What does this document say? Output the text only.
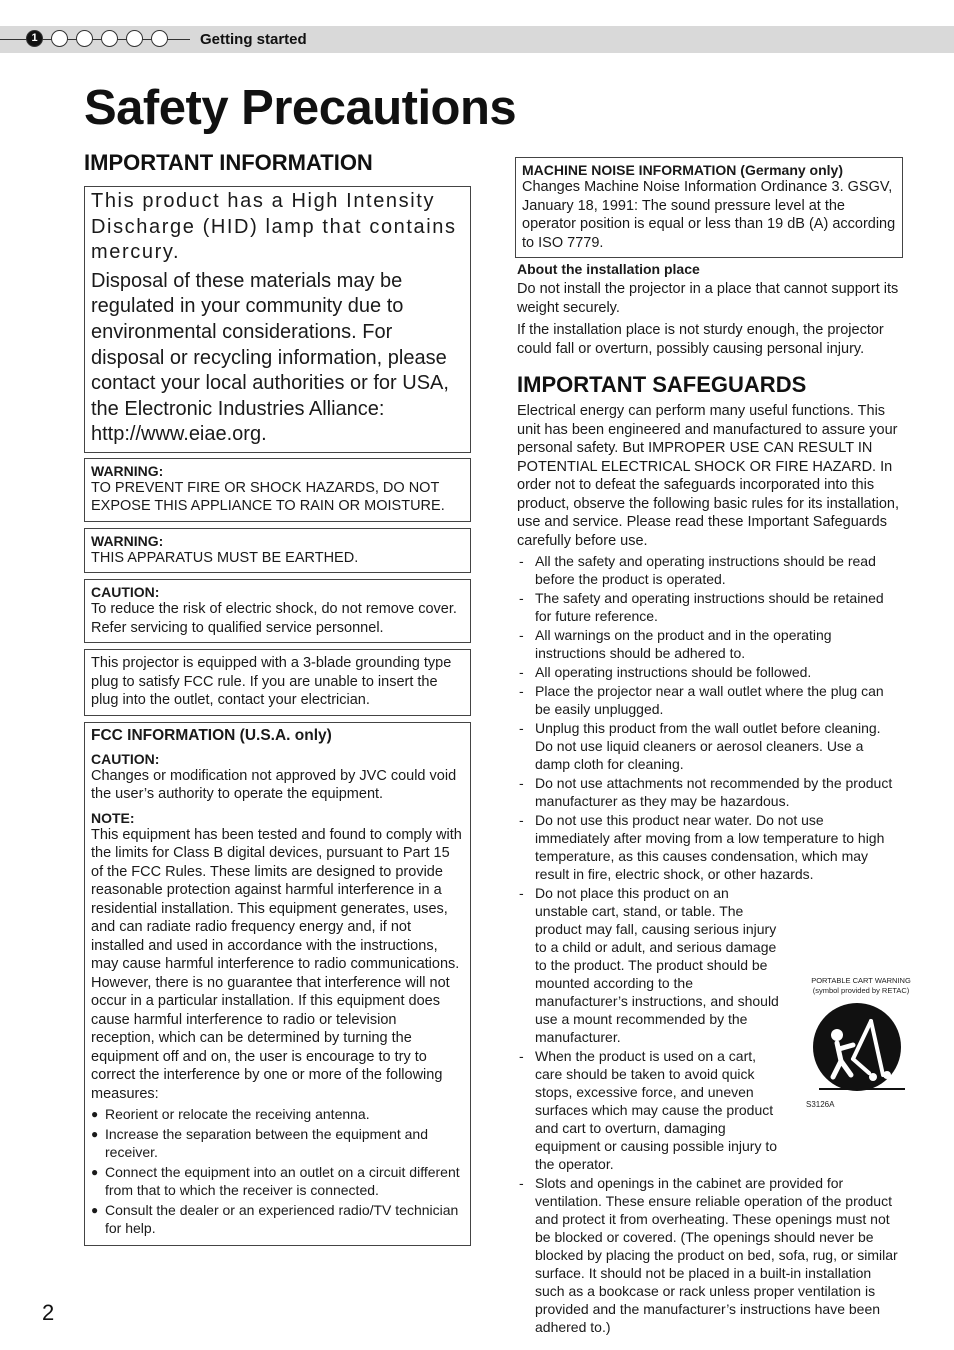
1	Getting started
Safety Precautions
IMPORTANT INFORMATION

This product has a High Intensity Discharge (HID) lamp that contains mercury.

Disposal of these materials may be regulated in your community due to environmental considerations. For disposal or recycling information, please contact your local authorities or for USA, the Electronic Industries Alliance: http://www.eiae.org.

WARNING:

TO PREVENT FIRE OR SHOCK HAZARDS, DO NOT EXPOSE THIS APPLIANCE TO RAIN OR MOISTURE.

WARNING:

THIS APPARATUS MUST BE EARTHED.

CAUTION:

To reduce the risk of electric shock, do not remove cover. Refer servicing to qualified service personnel.

This projector is equipped with a 3-blade grounding type plug to satisfy FCC rule. If you are unable to insert the plug into the outlet, contact your electrician.

FCC INFORMATION (U.S.A. only)

CAUTION:

Changes or modification not approved by JVC could void the user’s authority to operate the equipment.

NOTE:

This equipment has been tested and found to comply with the limits for Class B digital devices, pursuant to Part 15 of the FCC Rules. These limits are designed to provide reasonable protection against harmful interference in a residential installation. This equipment generates, uses, and can radiate radio frequency energy and, if not installed and used in accordance with the instructions, may cause harmful interference to radio communications. However, there is no guarantee that interference will not occur in a particular installation. If this equipment does cause harmful interference to radio or television reception, which can be determined by turning the equipment off and on, the user is encourage to try to correct the interference by one or more of the following measures:

● Reorient or relocate the receiving antenna.
● Increase the separation between the equipment and receiver.
● Connect the equipment into an outlet on a circuit different from that to which the receiver is connected.
● Consult the dealer or an experienced radio/TV technician for help.

MACHINE NOISE INFORMATION (Germany only)

Changes Machine Noise Information Ordinance 3. GSGV, January 18, 1991: The sound pressure level at the operator position is equal or less than 19 dB (A) according to ISO 7779.

About the installation place

Do not install the projector in a place that cannot support its weight securely.

If the installation place is not sturdy enough, the projector could fall or overturn, possibly causing personal injury.

IMPORTANT SAFEGUARDS

Electrical energy can perform many useful functions. This unit has been engineered and manufactured to assure your personal safety. But IMPROPER USE CAN RESULT IN POTENTIAL ELECTRICAL SHOCK OR FIRE HAZARD. In order not to defeat the safeguards incorporated into this product, observe the following basic rules for its installation, use and service. Please read these Important Safeguards carefully before use.

- All the safety and operating instructions should be read before the product is operated.
- The safety and operating instructions should be retained for future reference.
- All warnings on the product and in the operating instructions should be adhered to.
- All operating instructions should be followed.
- Place the projector near a wall outlet where the plug can be easily unplugged.
- Unplug this product from the wall outlet before cleaning. Do not use liquid cleaners or aerosol cleaners. Use a damp cloth for cleaning.
- Do not use attachments not recommended by the product manufacturer as they may be hazardous.
- Do not use this product near water. Do not use immediately after moving from a low temperature to high temperature, as this causes condensation, which may result in fire, electric shock, or other hazards.
- Do not place this product on an unstable cart, stand, or table. The product may fall, causing serious injury to a child or adult, and serious damage to the product. The product should be mounted according to the manufacturer’s instructions, and should use a mount recommended by the manufacturer.
- When the product is used on a cart, care should be taken to avoid quick stops, excessive force, and uneven surfaces which may cause the product and cart to overturn, damaging equipment or causing possible injury to the operator.
- Slots and openings in the cabinet are provided for ventilation. These ensure reliable operation of the product and protect it from overheating. These openings must not be blocked or covered. (The openings should never be blocked by placing the product on bed, sofa, rug, or similar surface. It should not be placed in a built-in installation such as a bookcase or rack unless proper ventilation is provided and the manufacturer’s instructions have been adhered to.)
PORTABLE CART WARNING (symbol provided by RETAC)
S3126A
2
